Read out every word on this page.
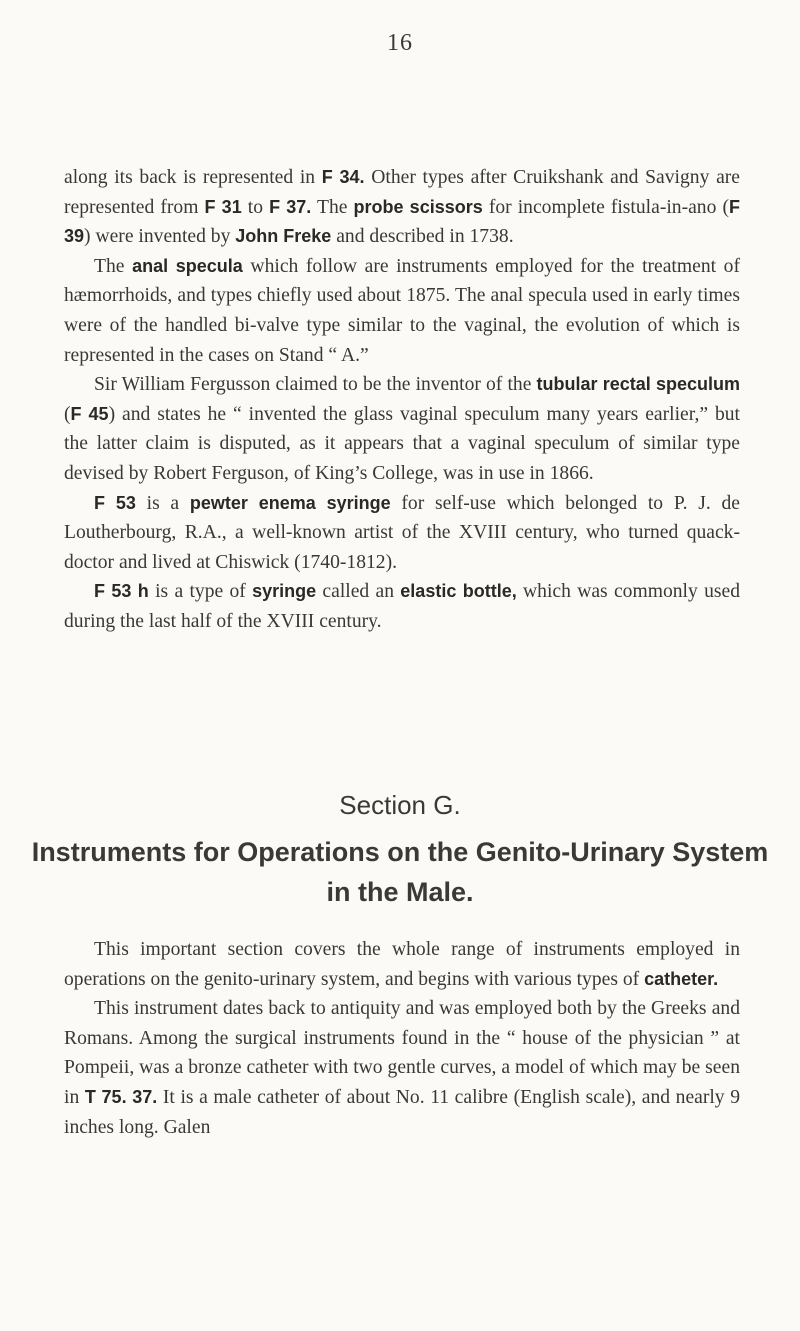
16

along its back is represented in F 34. Other types after Cruikshank and Savigny are represented from F 31 to F 37. The probe scissors for incomplete fistula-in-ano (F 39) were invented by John Freke and described in 1738.

The anal specula which follow are instruments employed for the treatment of hæmorrhoids, and types chiefly used about 1875. The anal specula used in early times were of the handled bi-valve type similar to the vaginal, the evolution of which is represented in the cases on Stand “ A.”

Sir William Fergusson claimed to be the inventor of the tubular rectal speculum (F 45) and states he “ invented the glass vaginal speculum many years earlier,” but the latter claim is disputed, as it appears that a vaginal speculum of similar type devised by Robert Ferguson, of King’s College, was in use in 1866.

F 53 is a pewter enema syringe for self-use which belonged to P. J. de Loutherbourg, R.A., a well-known artist of the XVIII century, who turned quack-doctor and lived at Chiswick (1740-1812).

F 53 h is a type of syringe called an elastic bottle, which was commonly used during the last half of the XVIII century.

Section G.
Instruments for Operations on the Genito-Urinary System in the Male.

This important section covers the whole range of instruments employed in operations on the genito-urinary system, and begins with various types of catheter.

This instrument dates back to antiquity and was employed both by the Greeks and Romans. Among the surgical instruments found in the “ house of the physician ” at Pompeii, was a bronze catheter with two gentle curves, a model of which may be seen in T 75. 37. It is a male catheter of about No. 11 calibre (English scale), and nearly 9 inches long. Galen
